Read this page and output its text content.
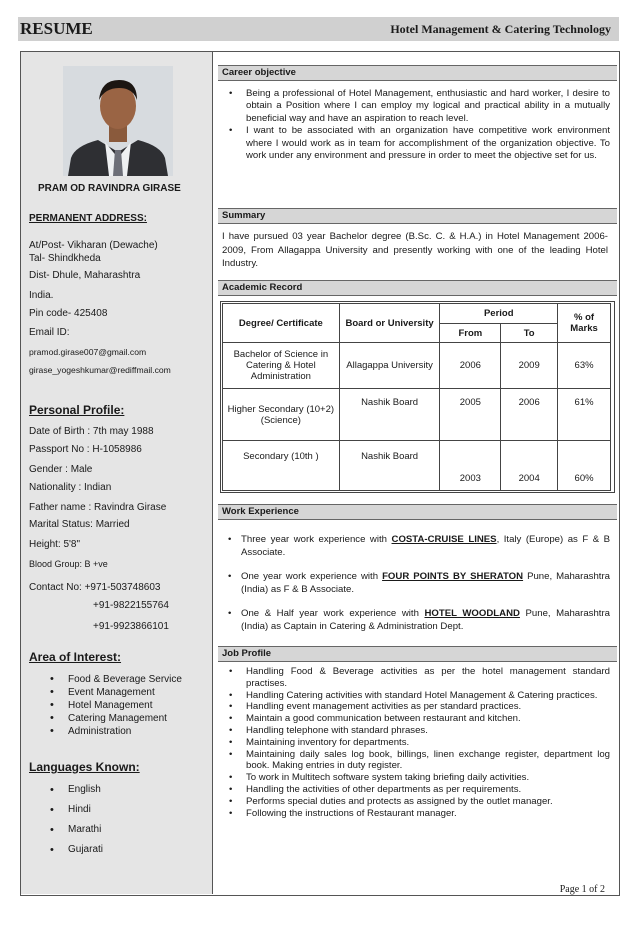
RESUME	Hotel Management & Catering Technology
PRAM OD RAVINDRA GIRASE
PERMANENT ADDRESS:
At/Post- Vikharan (Dewache)
Tal- Shindkheda
Dist- Dhule, Maharashtra
India.
Pin code- 425408
Email ID:
pramod.girase007@gmail.com
girase_yogeshkumar@rediffmail.com
Personal Profile:
Date of Birth : 7th may 1988
Passport No : H-1058986
Gender : Male
Nationality : Indian
Father name : Ravindra Girase
Marital Status: Married
Height: 5'8"
Blood Group: B +ve
Contact No: +971-503748603
+91-9822155764
+91-9923866101
Area of Interest:
• Food & Beverage Service
• Event Management
• Hotel Management
• Catering Management
• Administration
Languages Known:
• English
• Hindi
• Marathi
• Gujarati
Career objective
• Being a professional of Hotel Management, enthusiastic and hard worker, I desire to obtain a Position where I can employ my logical and practical ability in a mutually beneficial way and have an aspiration to reach level.
• I want to be associated with an organization have competitive work environment where I would work as in team for accomplishment of the organization objective. To work under any environment and pressure in order to meet the objective set for us.
Summary

I have pursued 03 year Bachelor degree (B.Sc. C. & H.A.) in Hotel Management 2006-2009, From Allagappa University and presently working with one of the leading Hotel Industry.

Academic Record
Degree/ Certificate	Board or University	Period		% of Marks
		From	To	
Bachelor of Science in Catering & Hotel Administration	Allagappa University	2006	2009	63%
Higher Secondary (10+2) (Science)	Nashik Board	2005	2006	61%
Secondary (10th )	Nashik Board	2003	2004	60%
Work Experience
• Three year work experience with COSTA-CRUISE LINES, Italy (Europe) as F & B Associate.
• One year work experience with FOUR POINTS BY SHERATON Pune, Maharashtra (India) as F & B Associate.
• One & Half year work experience with HOTEL WOODLAND Pune, Maharashtra (India) as Captain in Catering & Administration Dept.
Job Profile
• Handling Food & Beverage activities as per the hotel management standard practises.
• Handling Catering activities with standard Hotel Management & Catering practices.
• Handling event management activities as per standard practices.
• Maintain a good communication between restaurant and kitchen.
• Handling telephone with standard phrases.
• Maintaining inventory for departments.
• Maintaining daily sales log book, billings, linen exchange register, department log book. Making entries in duty register.
• To work in Multitech software system taking briefing daily activities.
• Handling the activities of other departments as per requirements.
• Performs special duties and protects as assigned by the outlet manager.
• Following the instructions of Restaurant manager.
Page 1 of 2
